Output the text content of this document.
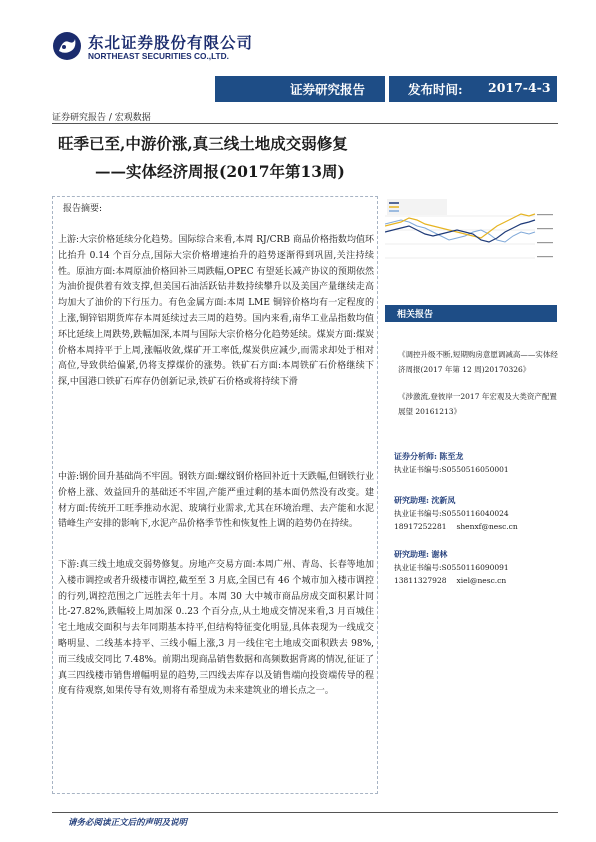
东北证券股份有限公司
NORTHEAST SECURITIES CO.,LTD.
证券研究报告	发布时间: 2017-4-3
证券研究报告 / 宏观数据
旺季已至,中游价涨,真三线土地成交弱修复
——实体经济周报(2017年第13周)
报告摘要:
上游:大宗价格延续分化趋势。国际综合来看,本周 RJ/CRB 商品价格指数均值环比抬升 0.14 个百分点,国际大宗价格增速抬升的趋势逐渐得到巩固,关注持续性。原油方面:本周原油价格回补三周跌幅,OPEC 有望延长减产协议的预期依然为油价提供着有效支撑,但美国石油活跃钻井数持续攀升以及美国产量继续走高均加大了油价的下行压力。有色金属方面:本周 LME 铜锌价格均有一定程度的上涨,铜锌铝期货库存本周延续过去三周的趋势。国内来看,南华工业品指数均值环比延续上周跌势,跌幅加深,本周与国际大宗价格分化趋势延续。煤炭方面:煤炭价格本周持平于上周,涨幅收敛,煤矿开工率低,煤炭供应减少,而需求却处于相对高位,导致供给偏紧,仍将支撑煤价的涨势。铁矿石方面:本周铁矿石价格继续下探,中国港口铁矿石库存仍创新记录,铁矿石价格或将持续下滑
中游:钢价回升基础尚不牢固。钢铁方面:螺纹钢价格回补近十天跌幅,但钢铁行业价格上涨、效益回升的基础还不牢固,产能严重过剩的基本面仍然没有改变。建材方面:传统开工旺季推动水泥、玻璃行业需求,尤其在环境治理、去产能和水泥错峰生产安排的影响下,水泥产品价格季节性和恢复性上调的趋势仍在持续。
下游:真三线土地成交弱势修复。房地产交易方面:本周广州、青岛、长春等地加入楼市调控或者升级楼市调控,截至至 3 月底,全国已有 46 个城市加入楼市调控的行列,调控范围之广远胜去年十月。本周 30 大中城市商品房成交面积累计同比-27.82%,跌幅较上周加深 0..23 个百分点,从土地成交情况来看,3 月百城住宅土地成交面积与去年同期基本持平,但结构特征变化明显,具体表现为一线成交略明显、二线基本持平、三线小幅上涨,3 月一线住宅土地成交面积跌去 98%,而三线成交同比 7.48%。前期出现商品销售数据和高频数据背离的情况,征证了真三四线楼市销售增幅明显的趋势,三四线去库存以及销售端向投资端传导的程度有待观察,如果传导有效,则将有希望成为未来建筑业的增长点之一。
相关报告
《调控升级不断,短期购房意愿调减高——实体经济周报(2017 年第 12 周)20170326》
《涉激流,登彼岸一2017 年宏观及大类资产配置展望 20161213》
证券分析师: 陈至龙
执业证书编号:S0550516050001
研究助理: 沈新凤
执业证书编号:S0550116040024
18917252281 shenxf@nesc.cn
研究助理: 谢林
执业证书编号:S0550116090091
13811327928 xiel@nesc.cn
请务必阅读正文后的声明及说明
